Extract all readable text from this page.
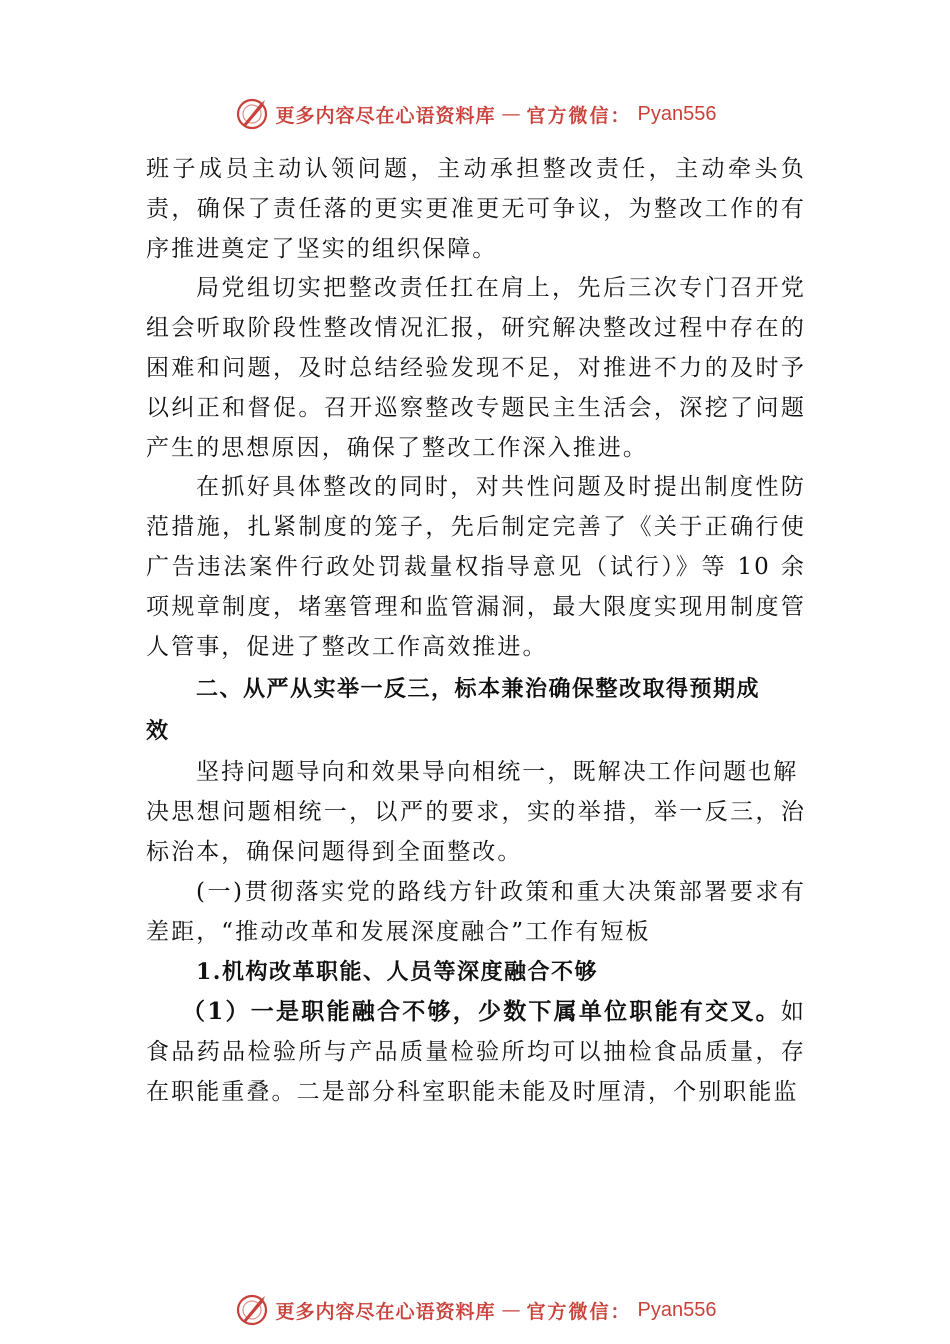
更多内容尽在心语资料库 — 官方微信： Pyan556

班子成员主动认领问题，主动承担整改责任，主动牵头负责，确保了责任落的更实更准更无可争议，为整改工作的有序推进奠定了坚实的组织保障。

局党组切实把整改责任扛在肩上，先后三次专门召开党组会听取阶段性整改情况汇报，研究解决整改过程中存在的困难和问题，及时总结经验发现不足，对推进不力的及时予以纠正和督促。召开巡察整改专题民主生活会，深挖了问题产生的思想原因，确保了整改工作深入推进。

在抓好具体整改的同时，对共性问题及时提出制度性防范措施，扎紧制度的笼子，先后制定完善了《关于正确行使广告违法案件行政处罚裁量权指导意见（试行）》等 10 余项规章制度，堵塞管理和监管漏洞，最大限度实现用制度管人管事，促进了整改工作高效推进。

二、从严从实举一反三，标本兼治确保整改取得预期成
效

坚持问题导向和效果导向相统一，既解决工作问题也解

决思想问题相统一，以严的要求，实的举措，举一反三，治标治本，确保问题得到全面整改。

(一)贯彻落实党的路线方针政策和重大决策部署要求有差距，“推动改革和发展深度融合”工作有短板

1.机构改革职能、人员等深度融合不够

（1）一是职能融合不够，少数下属单位职能有交叉。如食品药品检验所与产品质量检验所均可以抽检食品质量，存在职能重叠。二是部分科室职能未能及时厘清，个别职能监

更多内容尽在心语资料库 — 官方微信： Pyan556
